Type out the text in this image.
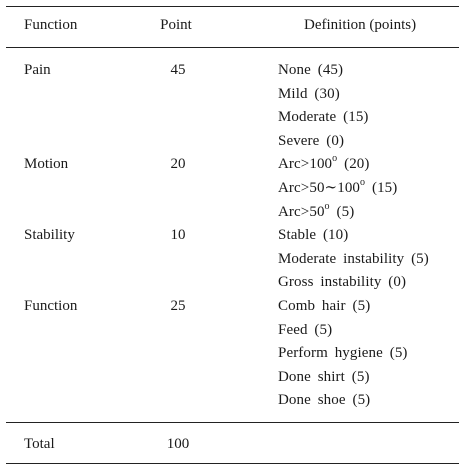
Function	Point	Definition (points)
Pain	45	None (45)
Mild (30)
Moderate (15)
Severe (0)
Motion	20	$Arc>100^o$ (20)
$Arc>50\sim 100^o$ (15)
$Arc>50^o$ (5)
Stability	10	Stable (10)
Moderate instability (5)
Gross instability (0)
Function	25	Comb hair (5)
Feed (5)
Perform hygiene (5)
Done shirt (5)
Done shoe (5)
Total	100
